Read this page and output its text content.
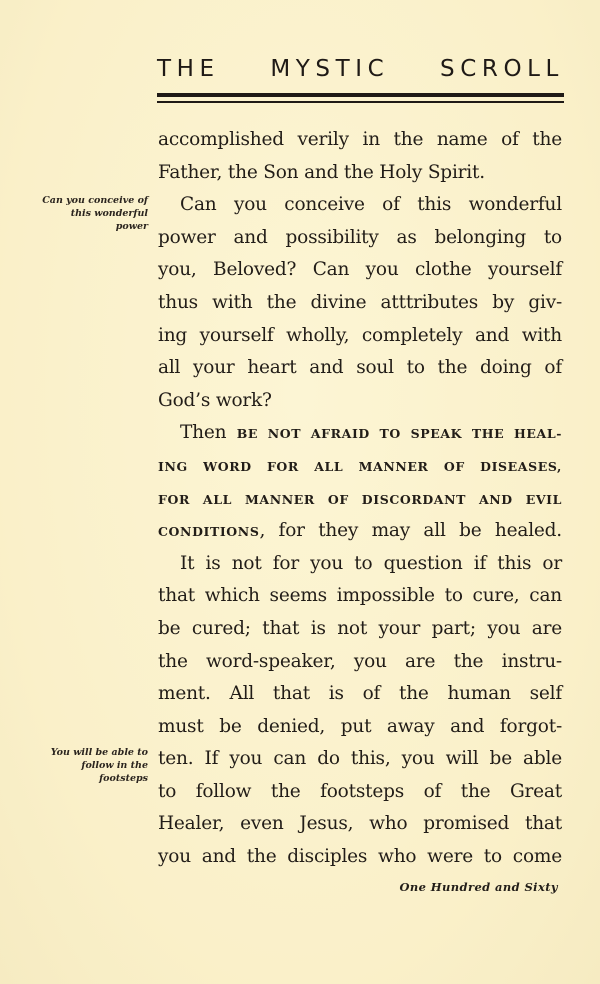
THE MYSTIC SCROLL
Can you conceive of
this wonderful
power
You will be able to
follow in the
footsteps
accomplished verily in the name of the
Father, the Son and the Holy Spirit.
Can you conceive of this wonderful
power and possibility as belonging to
you, Beloved? Can you clothe yourself
thus with the divine atttributes by giv-
ing yourself wholly, completely and with
all your heart and soul to the doing of
God’s work?
Then BE NOT AFRAID TO SPEAK THE HEAL-
ING WORD FOR ALL MANNER OF DISEASES,
FOR ALL MANNER OF DISCORDANT AND EVIL
CONDITIONS, for they may all be healed.
It is not for you to question if this or
that which seems impossible to cure, can
be cured; that is not your part; you are
the word-speaker, you are the instru-
ment. All that is of the human self
must be denied, put away and forgot-
ten. If you can do this, you will be able
to follow the footsteps of the Great
Healer, even Jesus, who promised that
you and the disciples who were to come
One Hundred and Sixty
